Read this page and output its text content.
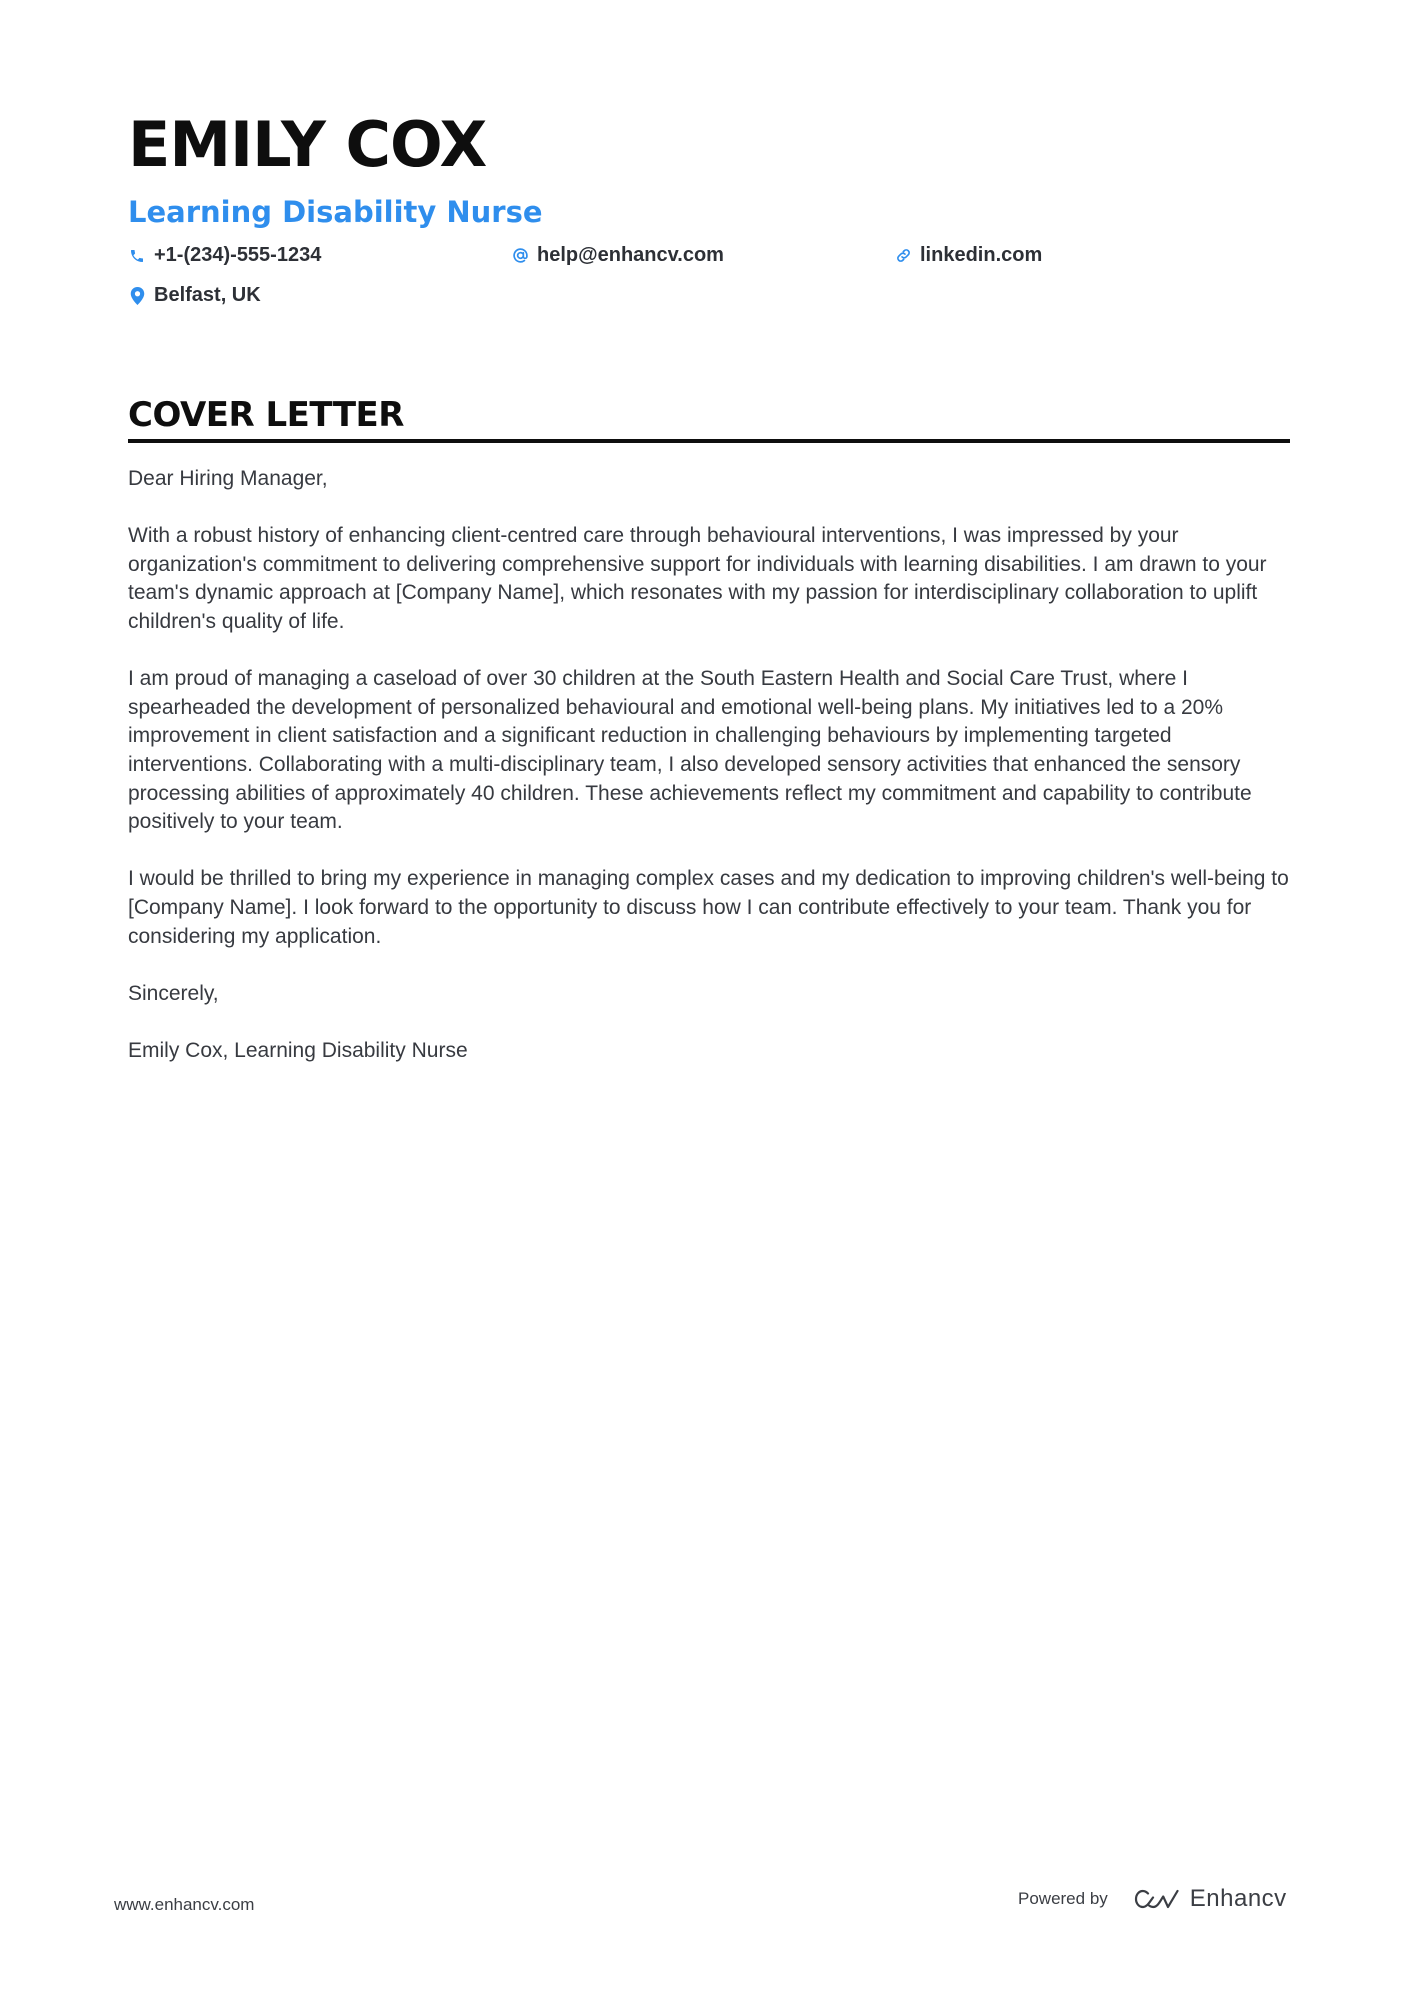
EMILY COX
Learning Disability Nurse
+1-(234)-555-1234	help@enhancv.com	linkedin.com
Belfast, UK
COVER LETTER

Dear Hiring Manager,

With a robust history of enhancing client-centred care through behavioural interventions, I was impressed by your organization's commitment to delivering comprehensive support for individuals with learning disabilities. I am drawn to your team's dynamic approach at [Company Name], which resonates with my passion for interdisciplinary collaboration to uplift children's quality of life.

I am proud of managing a caseload of over 30 children at the South Eastern Health and Social Care Trust, where I spearheaded the development of personalized behavioural and emotional well-being plans. My initiatives led to a 20% improvement in client satisfaction and a significant reduction in challenging behaviours by implementing targeted interventions. Collaborating with a multi-disciplinary team, I also developed sensory activities that enhanced the sensory processing abilities of approximately 40 children. These achievements reflect my commitment and capability to contribute positively to your team.

I would be thrilled to bring my experience in managing complex cases and my dedication to improving children's well-being to [Company Name]. I look forward to the opportunity to discuss how I can contribute effectively to your team. Thank you for considering my application.

Sincerely,

Emily Cox, Learning Disability Nurse

www.enhancv.com	Powered by	Enhancv
